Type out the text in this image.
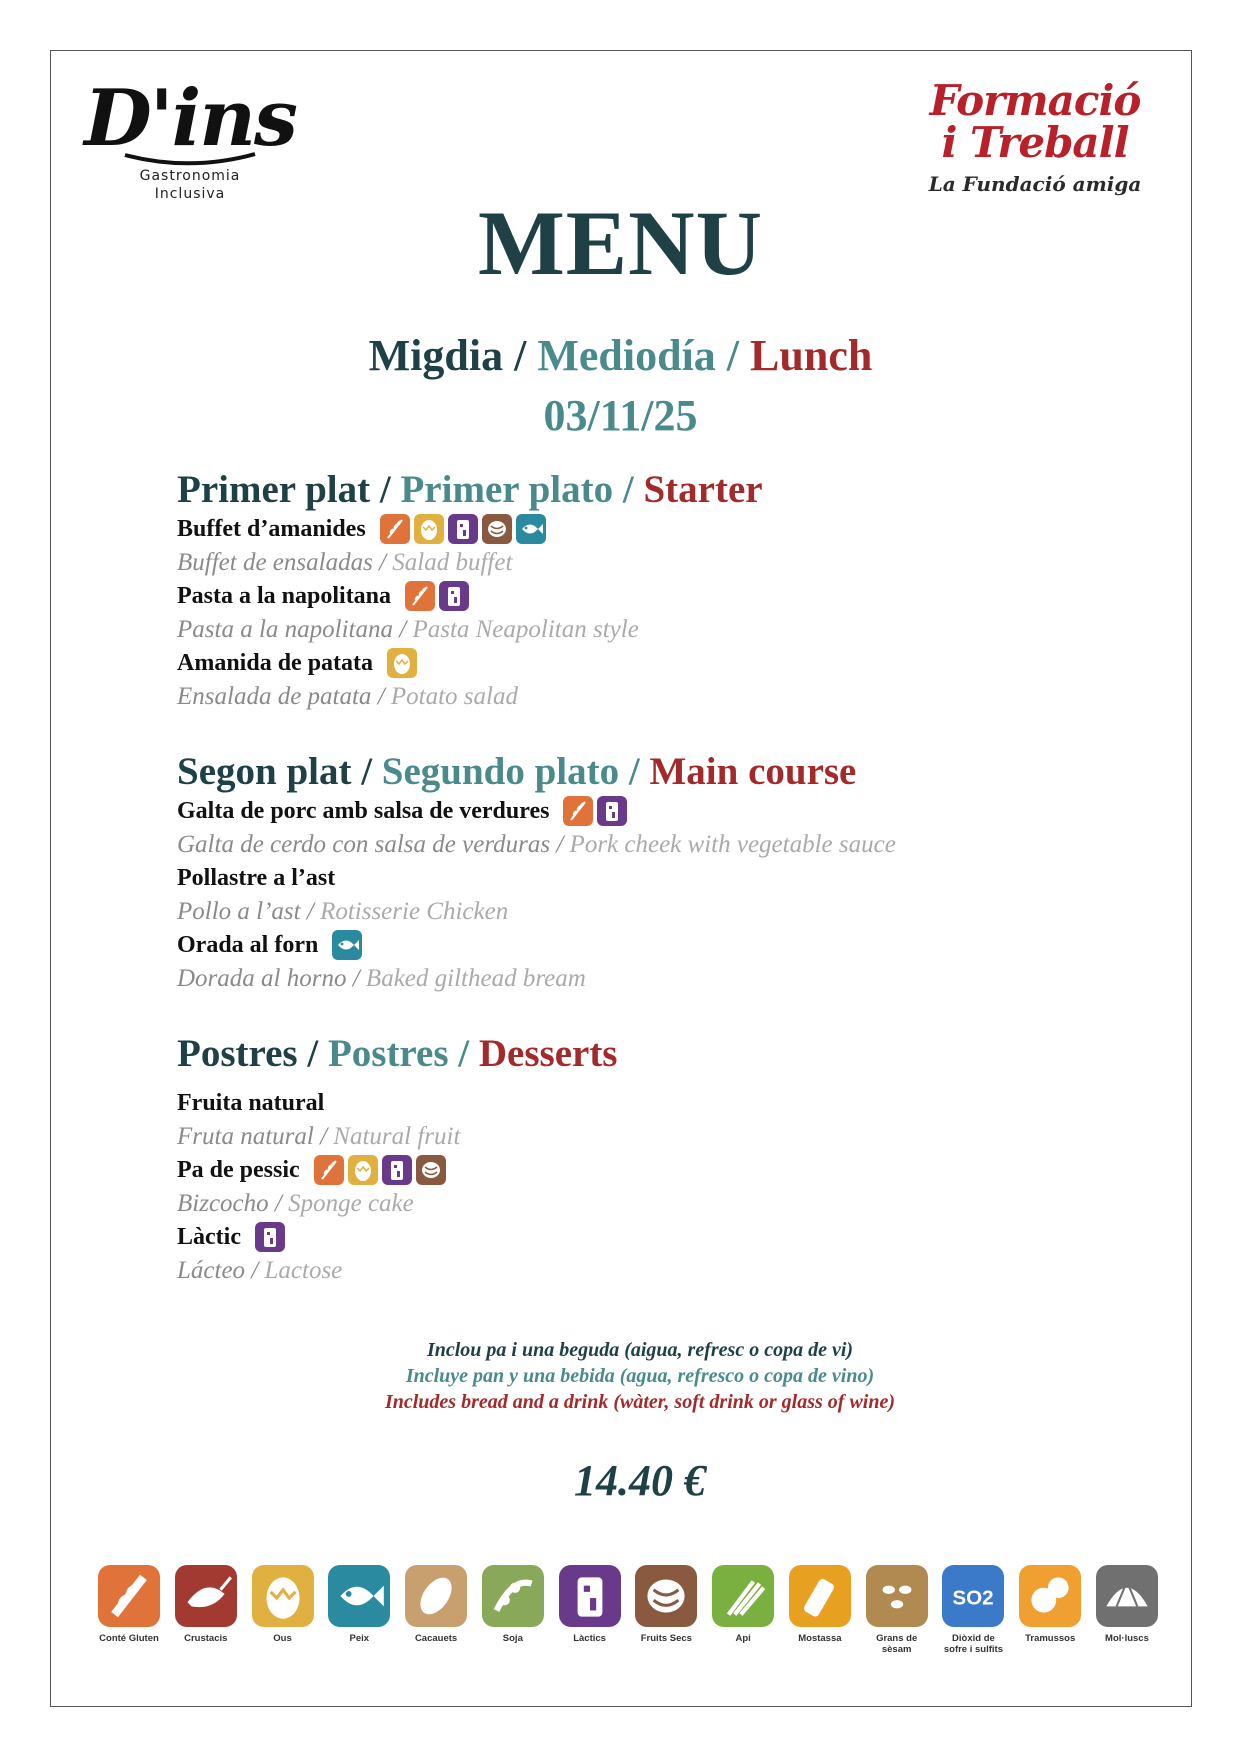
D'ins
Gastronomia
Inclusiva
Formació
i Treball
La Fundació amiga
MENU
Migdia / Mediodía / Lunch
03/11/25
Primer plat / Primer plato / Starter
Buffet d’amanides
Buffet de ensaladas / Salad buffet
Pasta a la napolitana
Pasta a la napolitana / Pasta Neapolitan style
Amanida de patata
Ensalada de patata / Potato salad
Segon plat / Segundo plato / Main course
Galta de porc amb salsa de verdures
Galta de cerdo con salsa de verduras / Pork cheek with vegetable sauce
Pollastre a l’ast
Pollo a l’ast / Rotisserie Chicken
Orada al forn
Dorada al horno / Baked gilthead bream
Postres / Postres / Desserts
Fruita natural
Fruta natural / Natural fruit
Pa de pessic
Bizcocho / Sponge cake
Làctic
Lácteo / Lactose
Inclou pa i una beguda (aigua, refresc o copa de vi)
Incluye pan y una bebida (agua, refresco o copa de vino)
Includes bread and a drink (wàter, soft drink or glass of wine)
14.40 €
Conté Gluten	Crustacis	Ous	Peix	Cacauets	Soja	Làctics	Fruits Secs	Api	Mostassa	Grans de sèsam
SO2
Diòxid de sofre i sulfits
Tramussos	Mol·luscs
